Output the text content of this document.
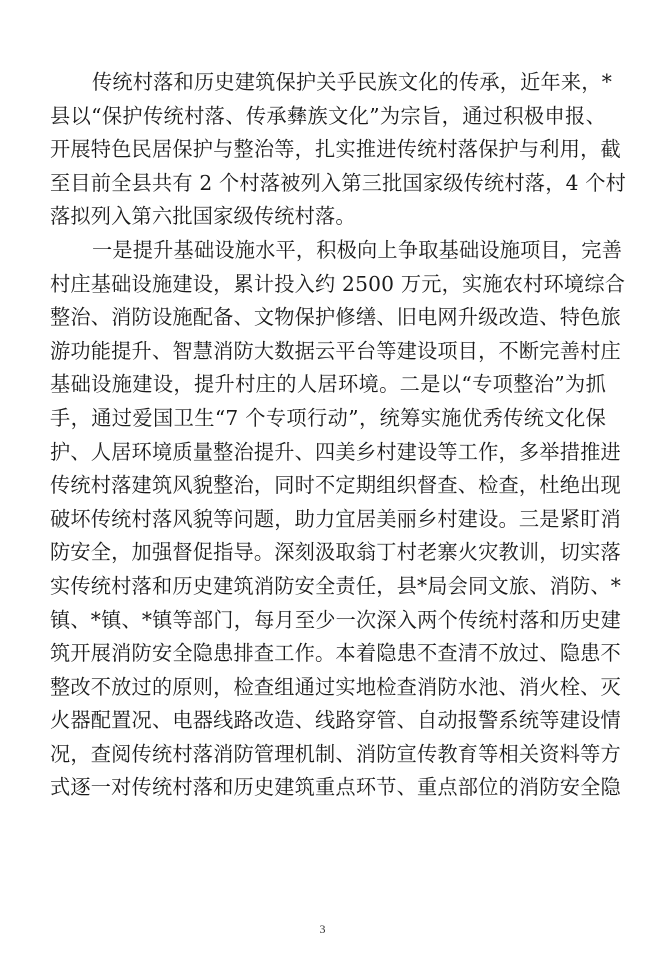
传统村落和历史建筑保护关乎民族文化的传承，近年来，*
县以“保护传统村落、传承彝族文化”为宗旨，通过积极申报、
开展特色民居保护与整治等，扎实推进传统村落保护与利用，截
至目前全县共有 2 个村落被列入第三批国家级传统村落，4 个村
落拟列入第六批国家级传统村落。
一是提升基础设施水平，积极向上争取基础设施项目，完善
村庄基础设施建设，累计投入约 2500 万元，实施农村环境综合
整治、消防设施配备、文物保护修缮、旧电网升级改造、特色旅
游功能提升、智慧消防大数据云平台等建设项目，不断完善村庄
基础设施建设，提升村庄的人居环境。二是以“专项整治”为抓
手，通过爱国卫生“7 个专项行动”，统筹实施优秀传统文化保
护、人居环境质量整治提升、四美乡村建设等工作，多举措推进
传统村落建筑风貌整治，同时不定期组织督查、检查，杜绝出现
破坏传统村落风貌等问题，助力宜居美丽乡村建设。三是紧盯消
防安全，加强督促指导。深刻汲取翁丁村老寨火灾教训，切实落
实传统村落和历史建筑消防安全责任，县*局会同文旅、消防、*
镇、*镇、*镇等部门，每月至少一次深入两个传统村落和历史建
筑开展消防安全隐患排查工作。本着隐患不查清不放过、隐患不
整改不放过的原则，检查组通过实地检查消防水池、消火栓、灭
火器配置况、电器线路改造、线路穿管、自动报警系统等建设情
况，查阅传统村落消防管理机制、消防宣传教育等相关资料等方
式逐一对传统村落和历史建筑重点环节、重点部位的消防安全隐
3
